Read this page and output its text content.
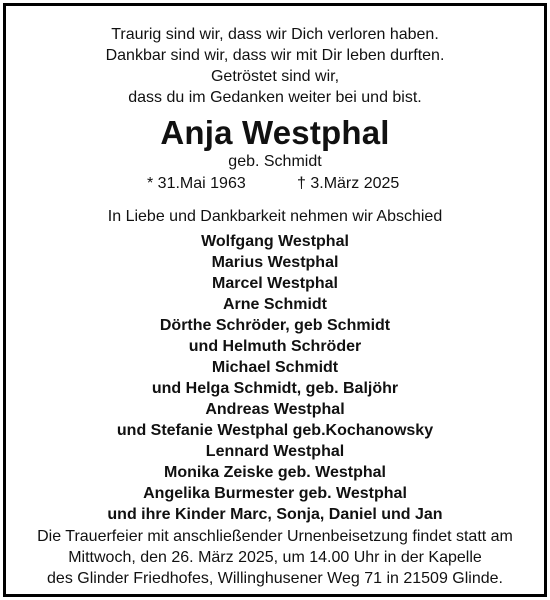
Traurig sind wir, dass wir Dich verloren haben.
Dankbar sind wir, dass wir mit Dir leben durften.
Getröstet sind wir,
dass du im Gedanken weiter bei und bist.
Anja Westphal
geb. Schmidt
* 31.Mai 1963	† 3.März 2025
In Liebe und Dankbarkeit nehmen wir Abschied
Wolfgang Westphal
Marius Westphal
Marcel Westphal
Arne Schmidt
Dörthe Schröder, geb Schmidt
und Helmuth Schröder
Michael Schmidt
und Helga Schmidt, geb. Baljöhr
Andreas Westphal
und Stefanie Westphal geb.Kochanowsky
Lennard Westphal
Monika Zeiske geb. Westphal
Angelika Burmester geb. Westphal
und ihre Kinder Marc, Sonja, Daniel und Jan
Die Trauerfeier mit anschließender Urnenbeisetzung findet statt am
Mittwoch, den 26. März 2025, um 14.00 Uhr in der Kapelle
des Glinder Friedhofes, Willinghusener Weg 71 in 21509 Glinde.
